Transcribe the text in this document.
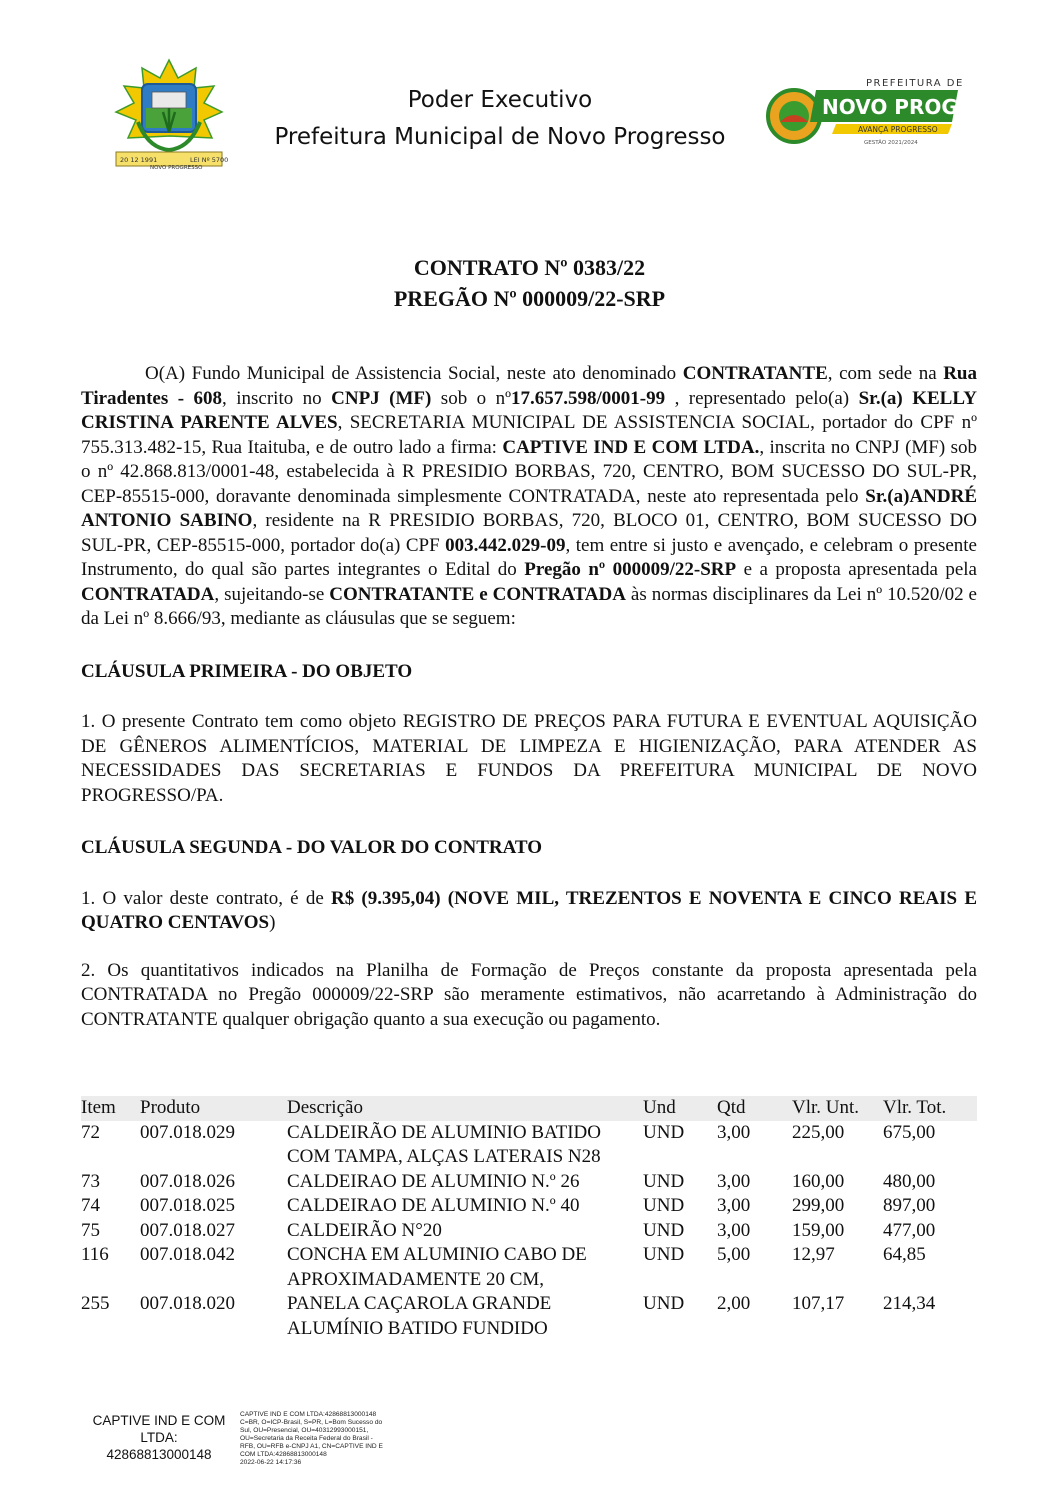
20 12 1991
NOVO PROGRESSO
LEI Nº 5700
Poder Executivo
Prefeitura Municipal de Novo Progresso
PREFEITURA DE
NOVO PROGRESSO
AVANÇA PROGRESSO
GESTÃO 2021/2024
CONTRATO Nº 0383/22
PREGÃO Nº 000009/22-SRP

O(A) Fundo Municipal de Assistencia Social, neste ato denominado CONTRATANTE, com sede na Rua Tiradentes - 608, inscrito no CNPJ (MF) sob o nº17.657.598/0001-99 , representado pelo(a) Sr.(a) KELLY CRISTINA PARENTE ALVES, SECRETARIA MUNICIPAL DE ASSISTENCIA SOCIAL, portador do CPF nº 755.313.482-15, Rua Itaituba, e de outro lado a firma: CAPTIVE IND E COM LTDA., inscrita no CNPJ (MF) sob o nº 42.868.813/0001-48, estabelecida à R PRESIDIO BORBAS, 720, CENTRO, BOM SUCESSO DO SUL-PR, CEP-85515-000, doravante denominada simplesmente CONTRATADA, neste ato representada pelo Sr.(a)ANDRÉ ANTONIO SABINO, residente na R PRESIDIO BORBAS, 720, BLOCO 01, CENTRO, BOM SUCESSO DO SUL-PR, CEP-85515-000, portador do(a) CPF 003.442.029-09, tem entre si justo e avençado, e celebram o presente Instrumento, do qual são partes integrantes o Edital do Pregão nº 000009/22-SRP e a proposta apresentada pela CONTRATADA, sujeitando-se CONTRATANTE e CONTRATADA às normas disciplinares da Lei nº 10.520/02 e da Lei nº 8.666/93, mediante as cláusulas que se seguem:

CLÁUSULA PRIMEIRA - DO OBJETO

1. O presente Contrato tem como objeto REGISTRO DE PREÇOS PARA FUTURA E EVENTUAL AQUISIÇÃO DE GÊNEROS ALIMENTÍCIOS, MATERIAL DE LIMPEZA E HIGIENIZAÇÃO, PARA ATENDER AS NECESSIDADES DAS SECRETARIAS E FUNDOS DA PREFEITURA MUNICIPAL DE NOVO PROGRESSO/PA.

CLÁUSULA SEGUNDA - DO VALOR DO CONTRATO

1. O valor deste contrato, é de R$ (9.395,04) (NOVE MIL, TREZENTOS E NOVENTA E CINCO REAIS E QUATRO CENTAVOS)

2. Os quantitativos indicados na Planilha de Formação de Preços constante da proposta apresentada pela CONTRATADA no Pregão 000009/22-SRP são meramente estimativos, não acarretando à Administração do CONTRATANTE qualquer obrigação quanto a sua execução ou pagamento.

Item	Produto	Descrição	Und	Qtd	Vlr. Unt.	Vlr. Tot.
72	007.018.029	CALDEIRÃO DE ALUMINIO BATIDO COM TAMPA, ALÇAS LATERAIS N28	UND	3,00	225,00	675,00
73	007.018.026	CALDEIRAO DE ALUMINIO N.º 26	UND	3,00	160,00	480,00
74	007.018.025	CALDEIRAO DE ALUMINIO N.º 40	UND	3,00	299,00	897,00
75	007.018.027	CALDEIRÃO N°20	UND	3,00	159,00	477,00
116	007.018.042	CONCHA EM ALUMINIO CABO DE APROXIMADAMENTE 20 CM,	UND	5,00	12,97	64,85
255	007.018.020	PANELA CAÇAROLA GRANDE ALUMÍNIO BATIDO FUNDIDO	UND	2,00	107,17	214,34
CAPTIVE IND E COM
LTDA:
42868813000148
CAPTIVE IND E COM LTDA:42868813000148
C=BR, O=ICP-Brasil, S=PR, L=Bom Sucesso do
Sul, OU=Presencial, OU=40312993000151,
OU=Secretaria da Receita Federal do Brasil -
RFB, OU=RFB e-CNPJ A1, CN=CAPTIVE IND E
COM LTDA:42868813000148
2022-06-22 14:17:36
